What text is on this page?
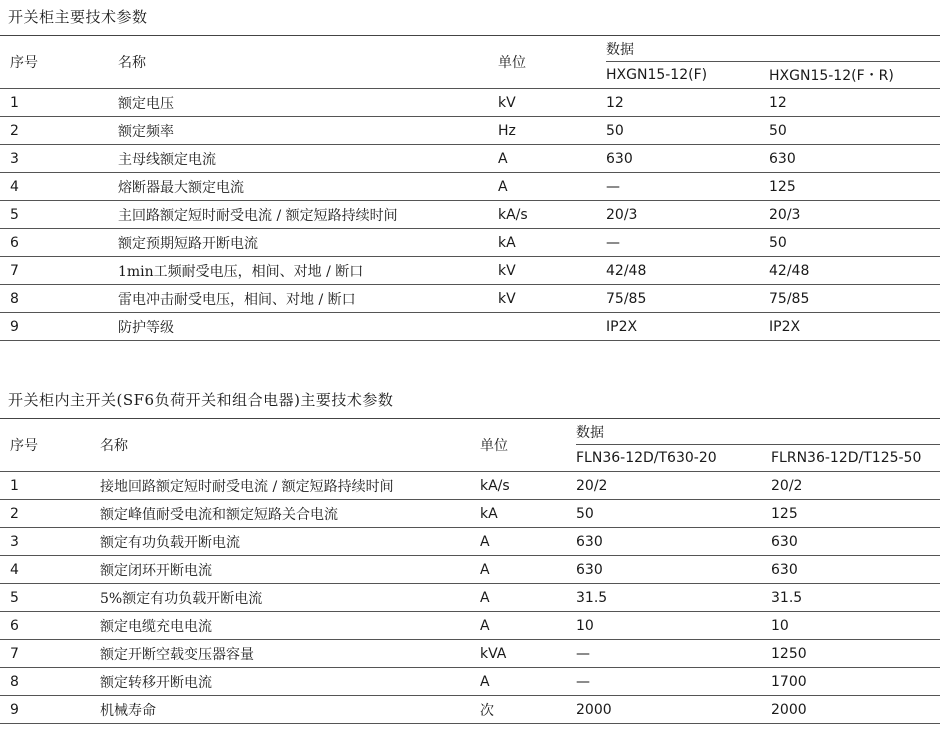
开关柜主要技术参数
序号	名称	单位	数据	
			HXGN15-12(F)	HXGN15-12(F・R)
1	额定电压	kV	12	12
2	额定频率	Hz	50	50
3	主母线额定电流	A	630	630
4	熔断器最大额定电流	A	—	125
5	主回路额定短时耐受电流 / 额定短路持续时间	kA/s	20/3	20/3
6	额定预期短路开断电流	kA	—	50
7	1min工频耐受电压，相间、对地 / 断口	kV	42/48	42/48
8	雷电冲击耐受电压，相间、对地 / 断口	kV	75/85	75/85
9	防护等级		IP2X	IP2X
开关柜内主开关(SF6负荷开关和组合电器)主要技术参数
序号	名称	单位	数据	
			FLN36-12D/T630-20	FLRN36-12D/T125-50
1	接地回路额定短时耐受电流 / 额定短路持续时间	kA/s	20/2	20/2
2	额定峰值耐受电流和额定短路关合电流	kA	50	125
3	额定有功负载开断电流	A	630	630
4	额定闭环开断电流	A	630	630
5	5%额定有功负载开断电流	A	31.5	31.5
6	额定电缆充电电流	A	10	10
7	额定开断空载变压器容量	kVA	—	1250
8	额定转移开断电流	A	—	1700
9	机械寿命	次	2000	2000
